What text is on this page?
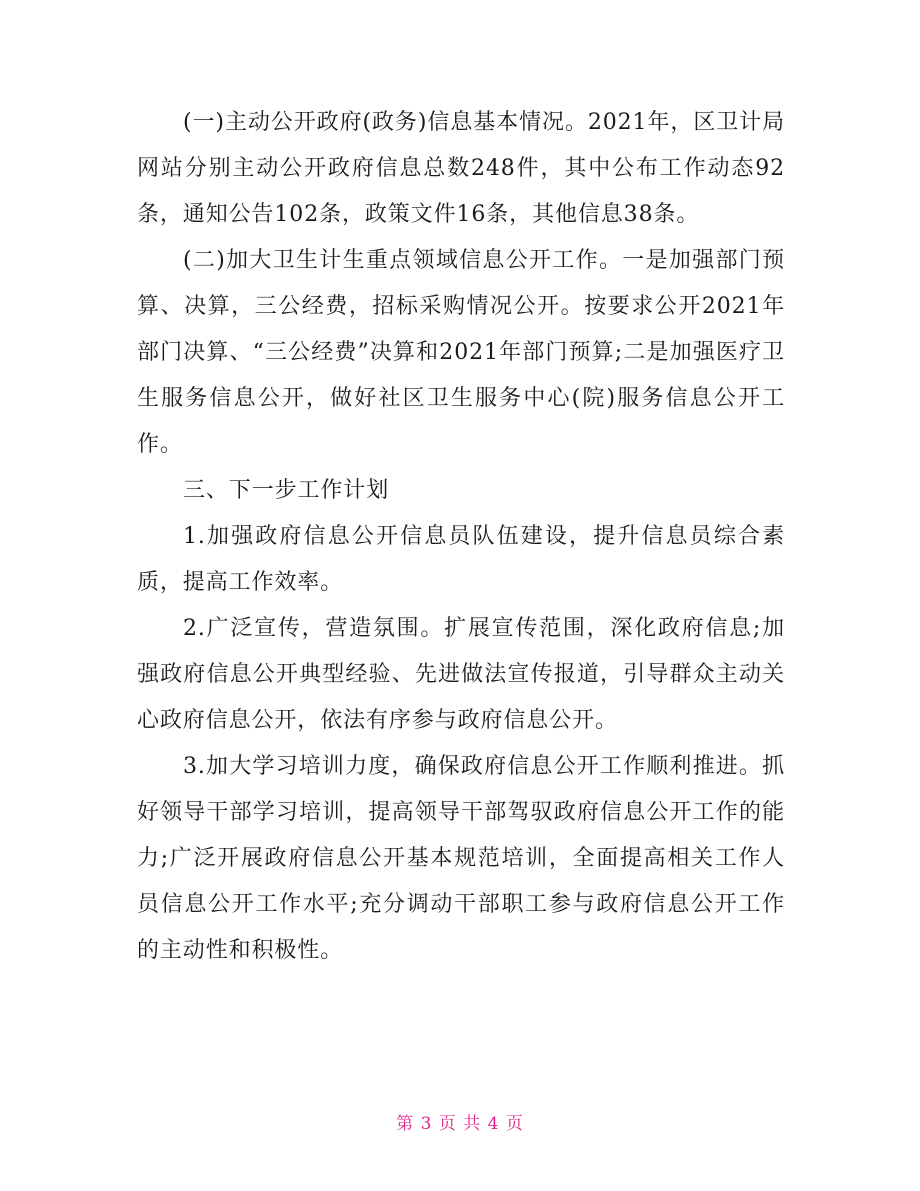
(一)主动公开政府(政务)信息基本情况。2021年，区卫计局网站分别主动公开政府信息总数248件，其中公布工作动态92条，通知公告102条，政策文件16条，其他信息38条。

(二)加大卫生计生重点领域信息公开工作。一是加强部门预算、决算，三公经费，招标采购情况公开。按要求公开2021年部门决算、“三公经费”决算和2021年部门预算;二是加强医疗卫生服务信息公开，做好社区卫生服务中心(院)服务信息公开工作。

三、下一步工作计划

1.加强政府信息公开信息员队伍建设，提升信息员综合素质，提高工作效率。

2.广泛宣传，营造氛围。扩展宣传范围，深化政府信息;加强政府信息公开典型经验、先进做法宣传报道，引导群众主动关心政府信息公开，依法有序参与政府信息公开。

3.加大学习培训力度，确保政府信息公开工作顺利推进。抓好领导干部学习培训，提高领导干部驾驭政府信息公开工作的能力;广泛开展政府信息公开基本规范培训，全面提高相关工作人员信息公开工作水平;充分调动干部职工参与政府信息公开工作的主动性和积极性。

第 3 页 共 4 页
